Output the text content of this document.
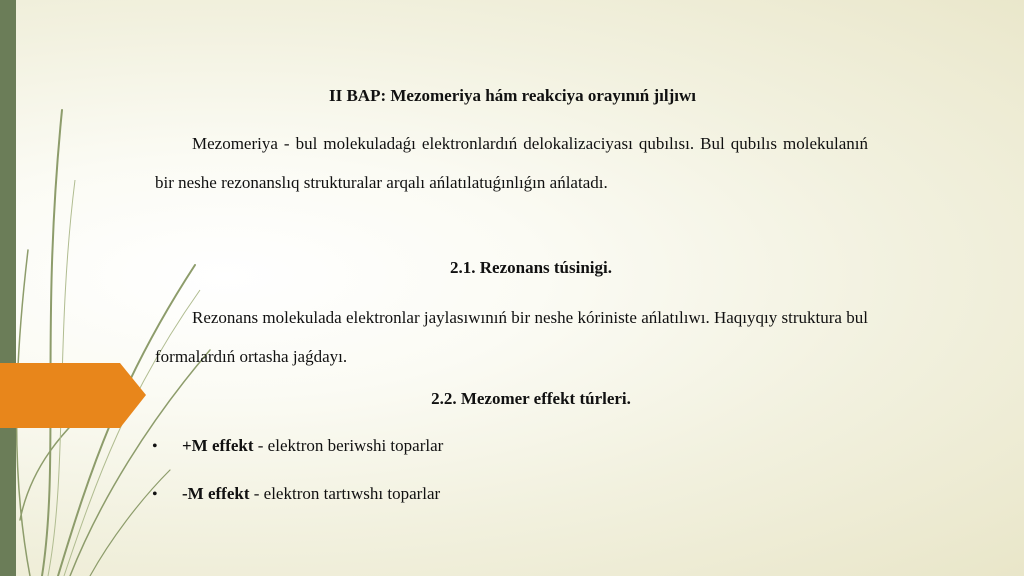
II BAP: Mezomeriya hám reakciya orayınıń jıljıwı
Mezomeriya - bul molekuladaǵı elektronlardıń delokalizaciyası qubılısı. Bul qubılıs molekulanıń bir neshe rezonanslıq strukturalar arqalı ańlatılatuǵınlıǵın ańlatadı.
2.1. Rezonans túsinigi.
Rezonans molekulada elektronlar jaylasıwınıń bir neshe kóriniste ańlatılıwı. Haqıyqıy struktura bul formalardıń ortasha jaǵdayı.
2.2. Mezomer effekt túrleri.
• +M effekt - elektron beriwshi toparlar
• -M effekt - elektron tartıwshı toparlar
